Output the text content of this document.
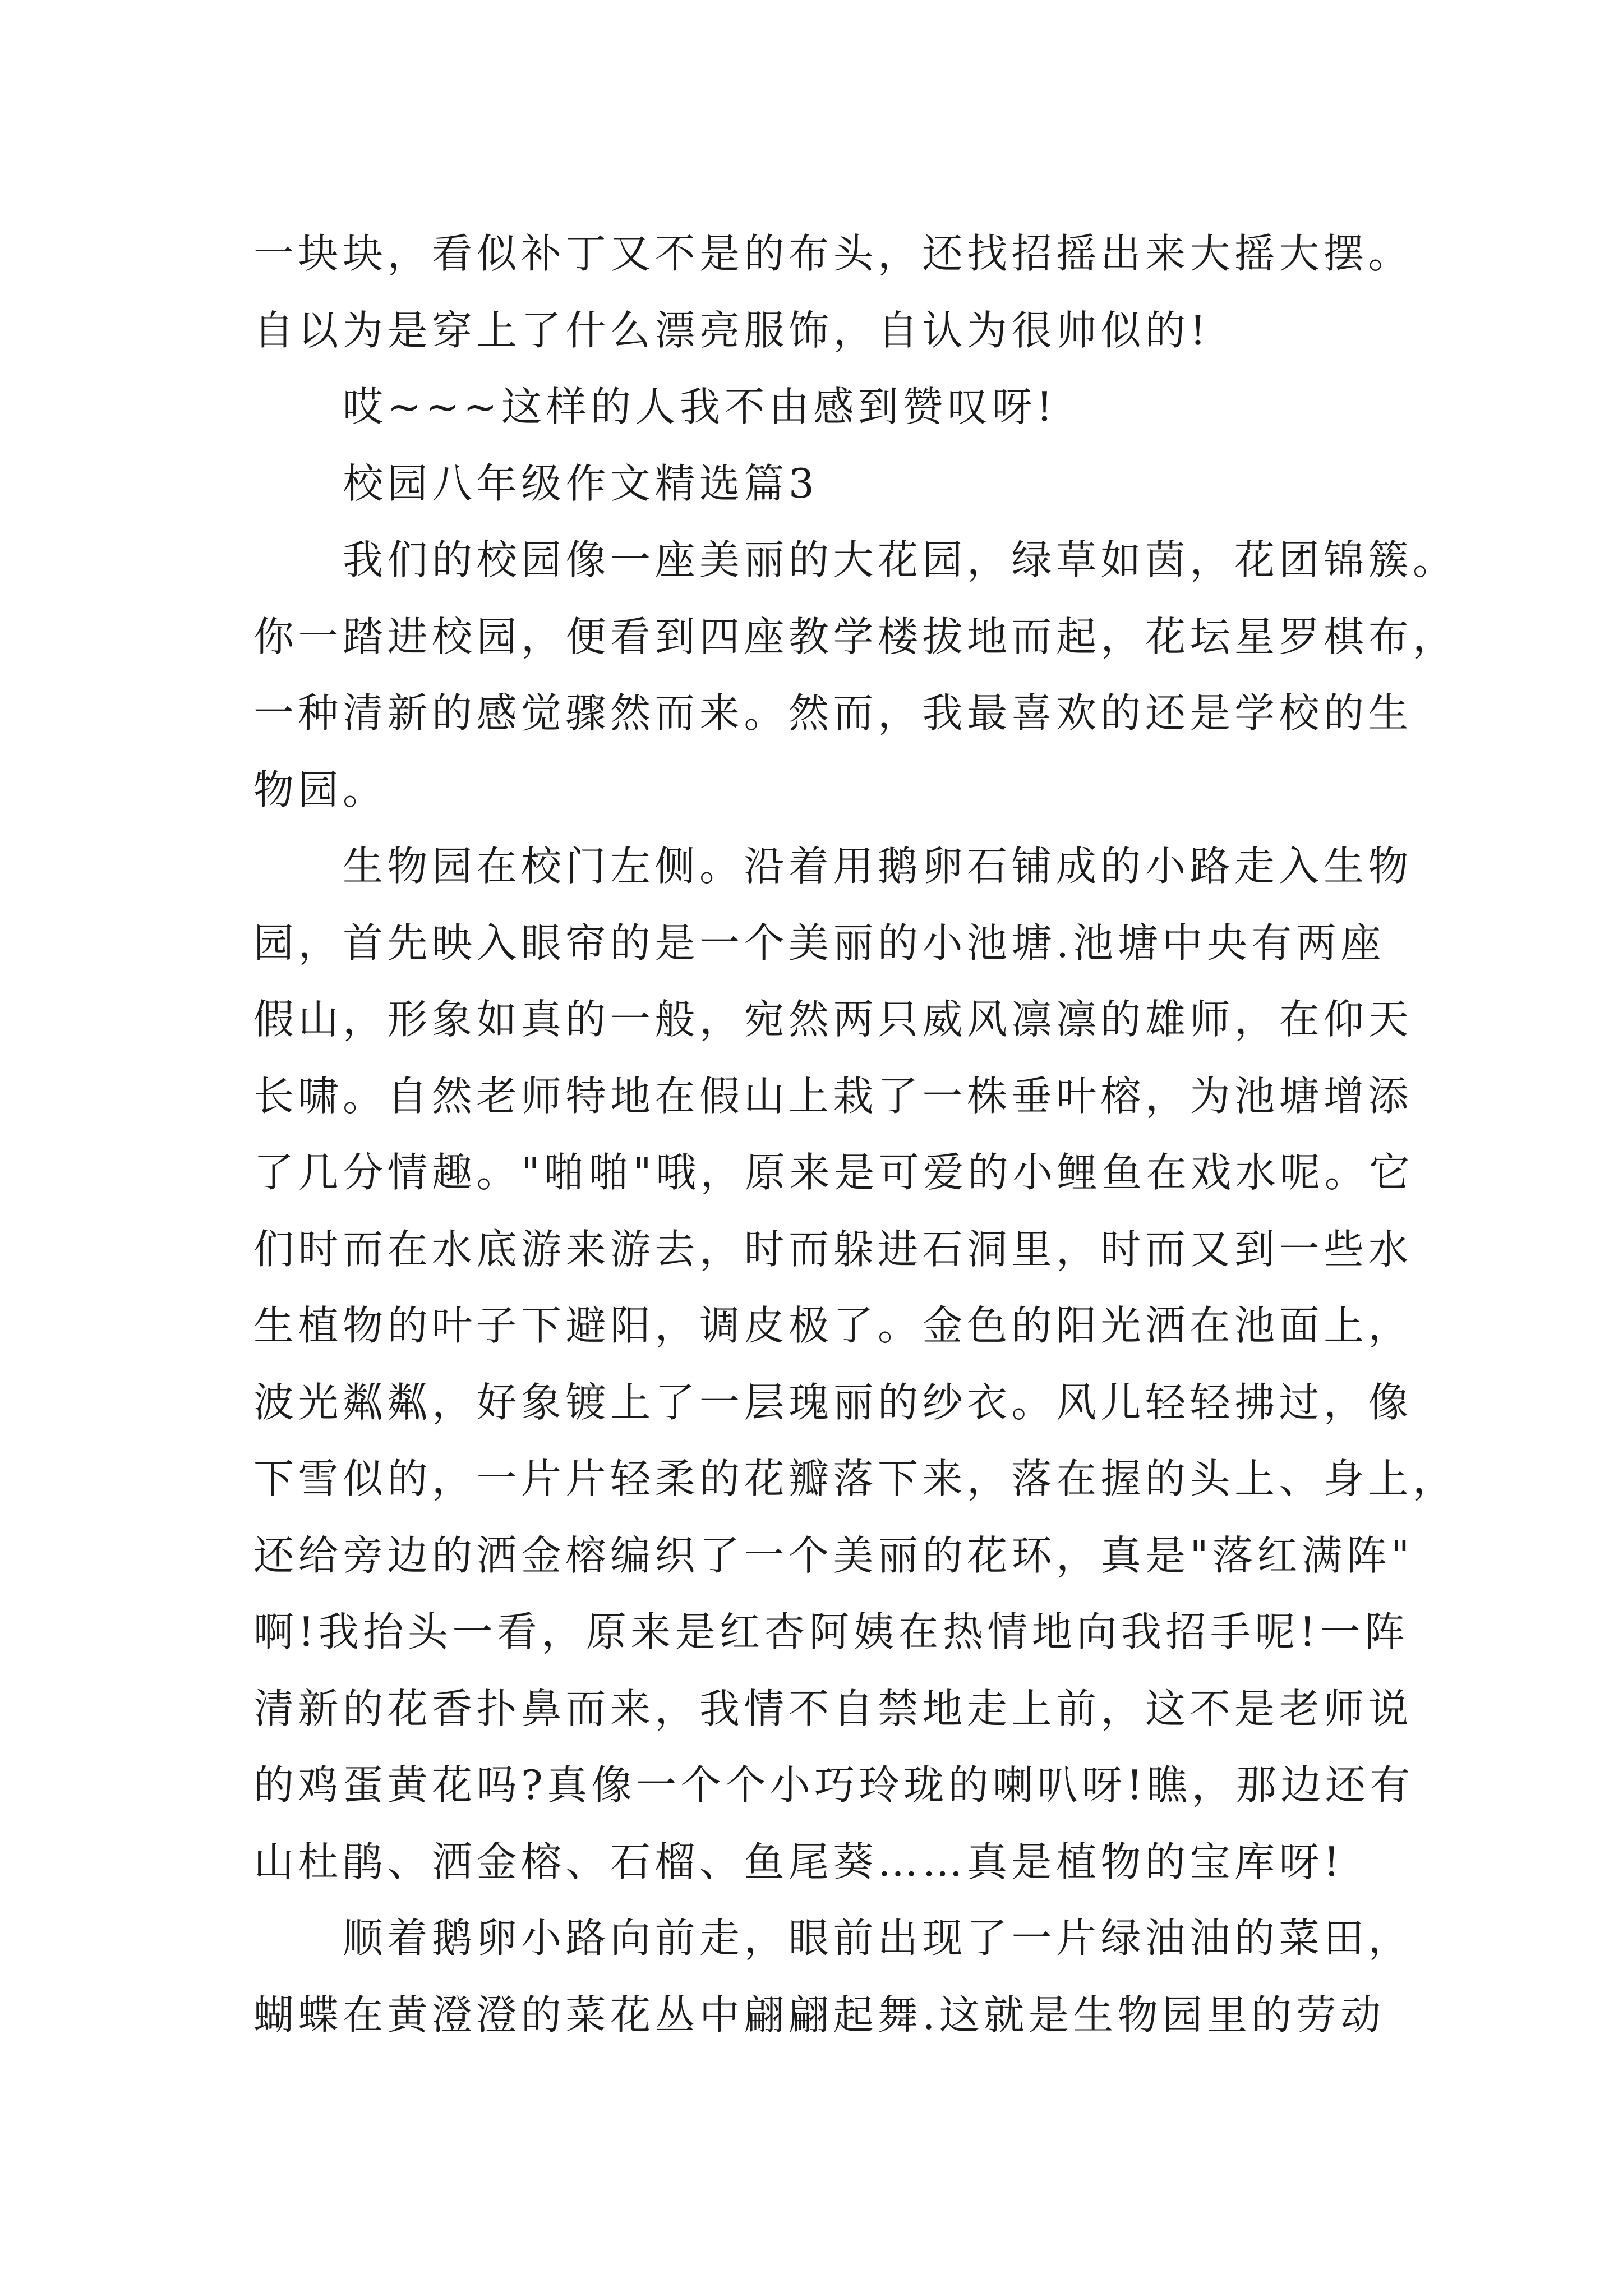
一块块，看似补丁又不是的布头，还找招摇出来大摇大摆。
自以为是穿上了什么漂亮服饰，自认为很帅似的!
哎~~~这样的人我不由感到赞叹呀!
校园八年级作文精选篇3
我们的校园像一座美丽的大花园，绿草如茵，花团锦簇。
你一踏进校园，便看到四座教学楼拔地而起，花坛星罗棋布，
一种清新的感觉骤然而来。然而，我最喜欢的还是学校的生
物园。
生物园在校门左侧。沿着用鹅卵石铺成的小路走入生物
园，首先映入眼帘的是一个美丽的小池塘.池塘中央有两座
假山，形象如真的一般，宛然两只威风凛凛的雄师，在仰天
长啸。自然老师特地在假山上栽了一株垂叶榕，为池塘增添
了几分情趣。"啪啪"哦，原来是可爱的小鲤鱼在戏水呢。它
们时而在水底游来游去，时而躲进石洞里，时而又到一些水
生植物的叶子下避阳，调皮极了。金色的阳光洒在池面上，
波光粼粼，好象镀上了一层瑰丽的纱衣。风儿轻轻拂过，像
下雪似的，一片片轻柔的花瓣落下来，落在握的头上、身上，
还给旁边的洒金榕编织了一个美丽的花环，真是"落红满阵"
啊!我抬头一看，原来是红杏阿姨在热情地向我招手呢!一阵
清新的花香扑鼻而来，我情不自禁地走上前，这不是老师说
的鸡蛋黄花吗?真像一个个小巧玲珑的喇叭呀!瞧，那边还有
山杜鹃、洒金榕、石榴、鱼尾葵……真是植物的宝库呀!
顺着鹅卵小路向前走，眼前出现了一片绿油油的菜田，
蝴蝶在黄澄澄的菜花丛中翩翩起舞.这就是生物园里的劳动
